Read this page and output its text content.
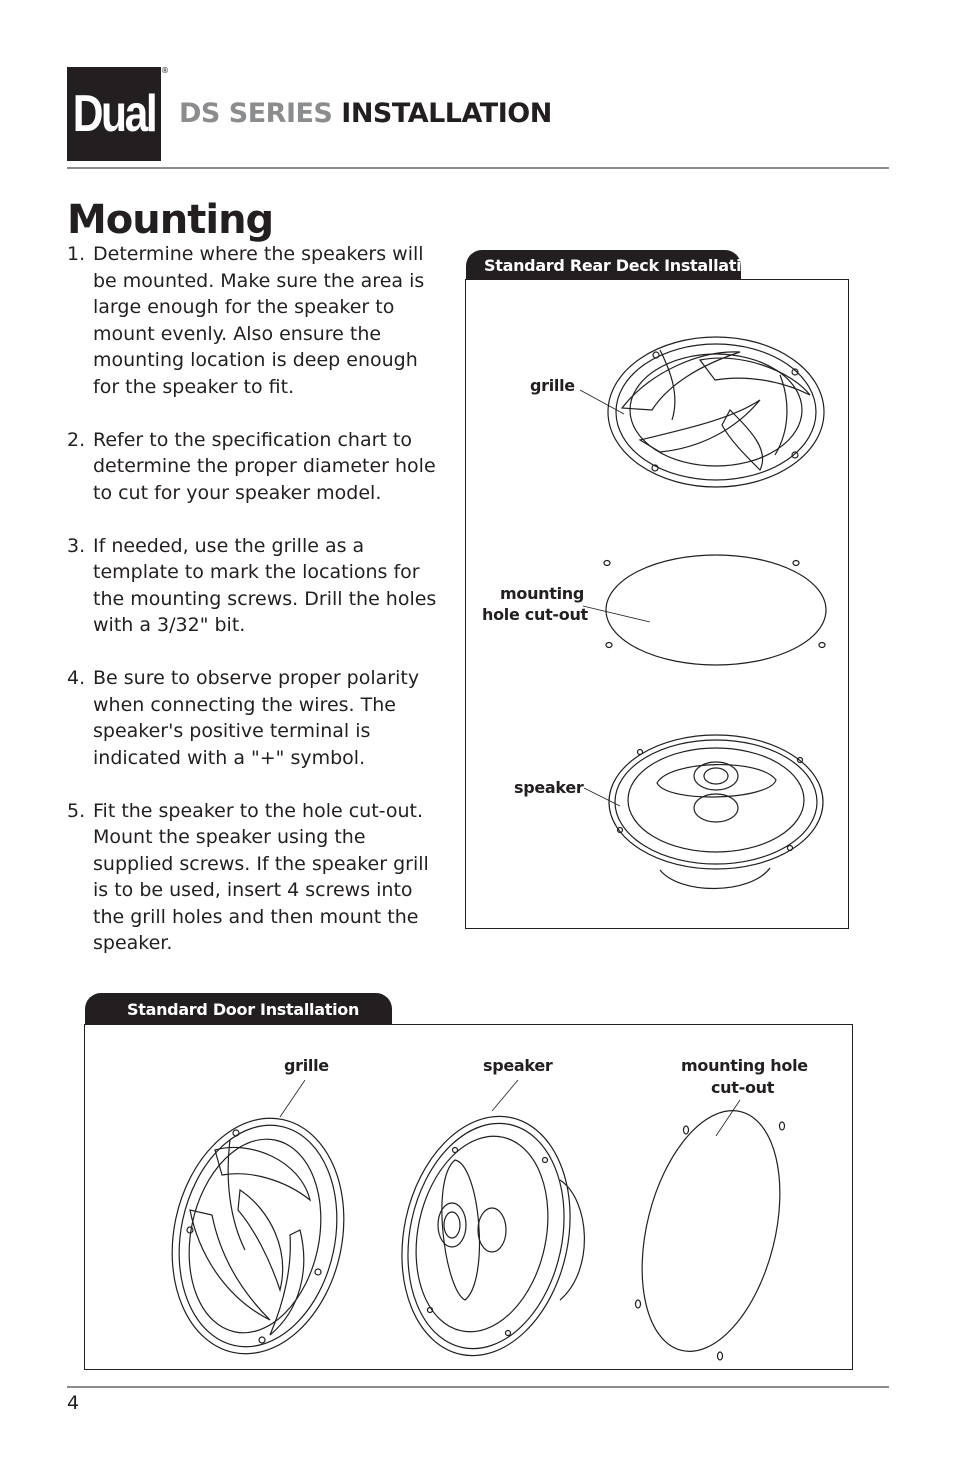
Dual
®
DS SERIES INSTALLATION
Mounting
1. Determine where the speakers will be mounted. Make sure the area is large enough for the speaker to mount evenly. Also ensure the mounting location is deep enough for the speaker to fit.
2. Refer to the specification chart to determine the proper diameter hole to cut for your speaker model.
3. If needed, use the grille as a template to mark the locations for the mounting screws. Drill the holes with a 3/32" bit.
4. Be sure to observe proper polarity when connecting the wires. The speaker's positive terminal is indicated with a "+" symbol.
5. Fit the speaker to the hole cut-out. Mount the speaker using the supplied screws. If the speaker grill is to be used, insert 4 screws into the grill holes and then mount the speaker.
Standard Rear Deck Installation
grille
mounting
hole cut-out
speaker
Standard Door Installation
grille	speaker	mounting hole
cut-out
4
